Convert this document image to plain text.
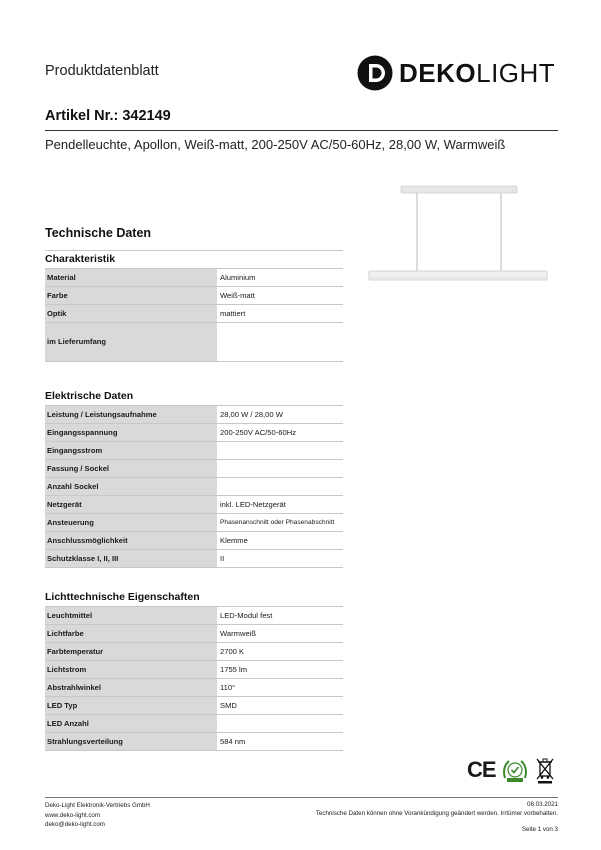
Produktdatenblatt	DEKOLIGHT
Artikel Nr.: 342149
Pendelleuchte, Apollon, Weiß-matt, 200-250V AC/50-60Hz, 28,00 W, Warmweiß
Technische Daten
Charakteristik
Material	Aluminium
Farbe	Weiß-matt
Optik	mattiert
im Lieferumfang
Elektrische Daten
Leistung / Leistungsaufnahme	28,00 W / 28,00 W
Eingangsspannung	200-250V AC/50-60Hz
Eingangsstrom
Fassung / Sockel
Anzahl Sockel
Netzgerät	inkl. LED-Netzgerät
Ansteuerung	Phasenanschnitt oder Phasenabschnitt
Anschlussmöglichkeit	Klemme
Schutzklasse I, II, III	II
Lichttechnische Eigenschaften
Leuchtmittel	LED-Modul fest
Lichtfarbe	Warmweiß
Farbtemperatur	2700 K
Lichtstrom	1755 lm
Abstrahlwinkel	110°
LED Typ	SMD
LED Anzahl
Strahlungsverteilung	584 nm
CE
Deko-Light Elektronik-Vertriebs GmbH
www.deko-light.com
deko@deko-light.com
08.03.2021
Technische Daten können ohne Vorankündigung geändert werden. Irrtümer vorbehalten.
Seite 1 von 3
